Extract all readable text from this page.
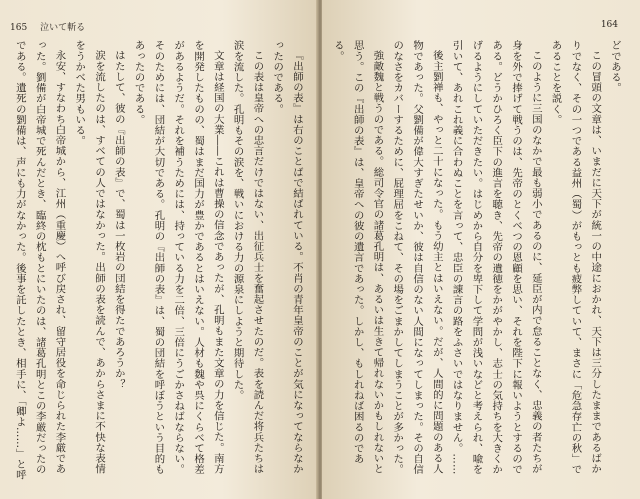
165 泣いて斬る

『出師の表』は右のことばで結ばれている。不肖の青年皇帝のことが気になってならなかったのである。

この表は皇帝への忠言だけではない、出征兵士を奮起させたのだ。表を読んだ将兵たちは涙を流した。孔明もその涙を、戦いにおける力の源泉にしようと期待した。

文章は経国の大業――これは曹操の信念であったが、孔明もまた文章の力を信じた。南方を開発したものの、蜀はまだ国力が豊かであるとはいえない。人材も魏や呉にくらべて格差があるようだ。それを補うためには、持っている力を二倍、三倍にうごかさねばならない。そのためには、団結が大切である。孔明の『出師の表』は、蜀の団結を呼ぼうという目的もあったのである。

はたして、彼の『出師の表』で、蜀は一枚岩の団結を得たであろうか？

涙を流したのは、すべての人ではなかった。出師の表を読んで、あからさまに不快な表情をうかべた男もいる。

永安、すなわち白帝城から、江州（重慶）へ呼び戻され、留守居役を命じられた李厳であった。劉備が白帝城で死んだとき、臨終の枕もとにいたのは、諸葛孔明とこの李厳だったのである。遺死の劉備は、声にも力がなかった。後事を託したとき、相手に、「卿よ……」と呼

164

どである。

この冒頭の文章は、いまだに天下が統一の中途におかれ、天下は三分したままであるばかりでなく、その一つである益州（蜀）がもっとも疲弊していて、まさに「危急存亡の秋」であることを説く。

このように三国のなかで最も弱小であるのに、延臣が内で怠ることなく、忠義の者たちが身を外で捧げて戦うのは、先帝のとくべつの恩顧を思い、それを陛下に報いようとするのである。どうかひろく臣下の進言を聴き、先帝の遺徳をかがやかし、志士の気持ちを大きくかげるようにしていただきたい。はじめから自分を卑下して学問が浅いなどと考えられ、喩を引いて、あれこれ義に合わぬことを言って、忠臣の諌言の路をふさいではなりません。……

後主劉禅も、やっと二十になった。もう幼主とはいえない。だが、人間的に問題のある人物であった。父劉備が偉大すぎたせいか、彼は自信のない人間になってしまった。その自信のなさをカバーするために、屁理屈をこねて、その場をごまかしてしまうことが多かった。

強敵魏と戦うのである。総司令官の諸葛孔明は、あるいは生きて帰れないかもしれないと思う。この『出師の表』は、皇帝への彼の遺言であった。しかし、もしれねば困るのである。
